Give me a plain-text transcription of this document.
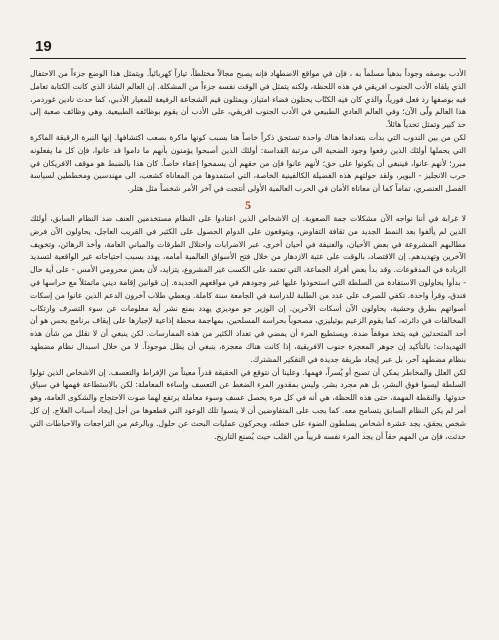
19

الأدب بوصفه وجوداً بدهياً مسلماً به ، فإن في مواقع الاضطهاد فإنه يصبح مجالاً مختلطاً، تياراً كهربائياً. ويتمثل هذا الوضع جزءاً من الاحتفال الذي يلقاه الأدب الجنوب افريقي في هذه اللحظة، ولكنه يتمثل في الوقت نفسه جزءاً من المشكلة. إن العالم الشاذ الذي كانت الكتابة تعامل فيه بوصفها رد فعل فورياً، والذي كان فيه الكتّاب يحتلون فضاء امتياز، ويمثلون قيم الشجاعة الرفيعة للمعيار الأدبي، كما حدث نادين غوردمر، هذا العالم ولّى الآن؛ وفي العالم العادي الطبيعي في الأدب الجنوب افريقي، على الأدب أن يقوم بوظائفه الطبيعية. وهي وظائف صعبة إلى حد كبير وتمثل تحدياً هائلاً.

لكن من بين الندوب التي بدأت بتعدادها هناك واحدة تستحق ذكراً خاصاً هنا بسبب كونها ماكرة بصعب اكتشافها. إنها النبرة الرقيقة الماكرة التي يحملها أولئك الذين رفعوا وجود الضحية الى مرتبة القداسة: أولئك الذين أصبحوا يؤمنون بأنهم ما داموا قد عانوا، فإن كل ما يفعلونه مبرر؛ لأنهم عانوا، فينبغي أن يكونوا على حق؛ لأنهم عانوا فإن من حقهم أن يسمحوا إعفاء خاصاً. كان هذا بالضبط هو موقف الافريكان في حرب الانجليز - البوير، ولقد حولتهم هذه الفضيلة الكالفينية الخاصة، التي استمدوها من المعاناة كشعب، الى مهندسين ومخططين لسياسة الفصل العنصري، تماماً كما أن معاناة الأمان في الحرب العالمية الأولى أنتجت في آخر الأمر شخصاً مثل هتلر.

5

لا غرابة في أننا نواجه الآن مشكلات جمة الصعوبة. إن الاشخاص الذين اعتادوا على النظام مستخدمين العنف ضد النظام السابق، أولئك الذين لم يألفوا بعد النمط الجديد من ثقافة التفاوض، ويتوقعون على الدوام الحصول على الكثير في القريب العاجل، يحاولون الآن فرض مطالبهم المشروعة في بعض الأحيان، والعنيفة في أحيان أخرى، عبر الاضرابات واحتلال الطرقات والمباني العامة، وأخذ الرهائن، وتخويف الآخرين وتهديدهم. إن الاقتصاد، بالوقت على عتبة الازدهار من خلال فتح الأسواق العالمية أمامه، يهدد بسبب احتياجاته غير الواقعية لتسديد الزيادة في المدفوعات. وقد بدأ بعض أفراد الجماعة، التي تعتمد على الكسب غير المشروع، يتزايد، لأن بعض محرومي الأمس - على أية حال - بدأوا يحاولون الاستفادة من السلطة التي استحوذوا عليها غير وجودهم في مواقعهم الجديدة. إن قوانين إقامة ديني ماتمثلاً مع حراسها في فندق، وقرأ واحدة. تكفي للصرف على عدد من الطلبة للدراسة في الجامعة سنة كاملة. ويعطي طلاب آخرون الدعم الذين عانوا من إسكات أصواتهم بطرق وحشية، يحاولون الآن أسكات الآخرين. إن الوزير جو موديزي يهدد بمنع نشر أية معلومات عن سوء التصرف وارتكاب المخالفات في دائرته، كما يقوم الزعيم بوتيليزي، مصحوباً بحراسه المسلحين، بمهاجمة محطة إذاعية لإجبارها على إيقاف برنامج يحس هو أن أحد المتحدثين فيه يتخذ موقفاً ضده. ويستطيع المرء أن يمضي في تعداد الكثير من هذه الممارسات. لكن ينبغي أن لا نقلل من شأن هذه التهديدات: بالتأكيد إن جوهر المعجزة جنوب الافريقية، إذا كانت هناك معجزة، ينبغي أن يظل موجوداً. لا من خلال اسبدال نظام مضطهد بنظام مضطهد آخر، بل عبر إيجاد طريقة جديدة في التفكير المشترك.

لكن العلل والمخاطر يمكن أن تصبح أو يُسراً، فهمها. وعلينا أن نتوقع في الحقيقة قدراً معيناً من الإفراط والتعسف. إن الاشخاص الذين تولوا السلطة ليسوا فوق البشر، بل هم مجرد بشر. وليس بمقدور المرء الضغط عن التعسف وإساءة المعاملة: لكن بالاستطاعة فهمها في سياق حدوثها. والنقطة المهمة، حتى هذه اللحظة، هي أنه في كل مرة يحصل عسف وسوء معاملة يرتفع لهما صوت الاحتجاج والشكوى العامة، وهو أمر لم يكن النظام السابق يتسامح معه. كما يجب على المتفاوضين أن لا ينسوا تلك الوعود التي قطعوها من أجل إيجاد أسباب العلاج. إن كل شخص يحقق، يجد عشرة أشخاص يسلطون الضوء على خطئه، ويحركون عمليات البحث عن حلول. وبالرغم من التراجعات والاحباطات التي حدثت، فإن من المهم حقاً أن يجد المرء نفسه قريباً من القلب حيث يُصنع التاريخ.
